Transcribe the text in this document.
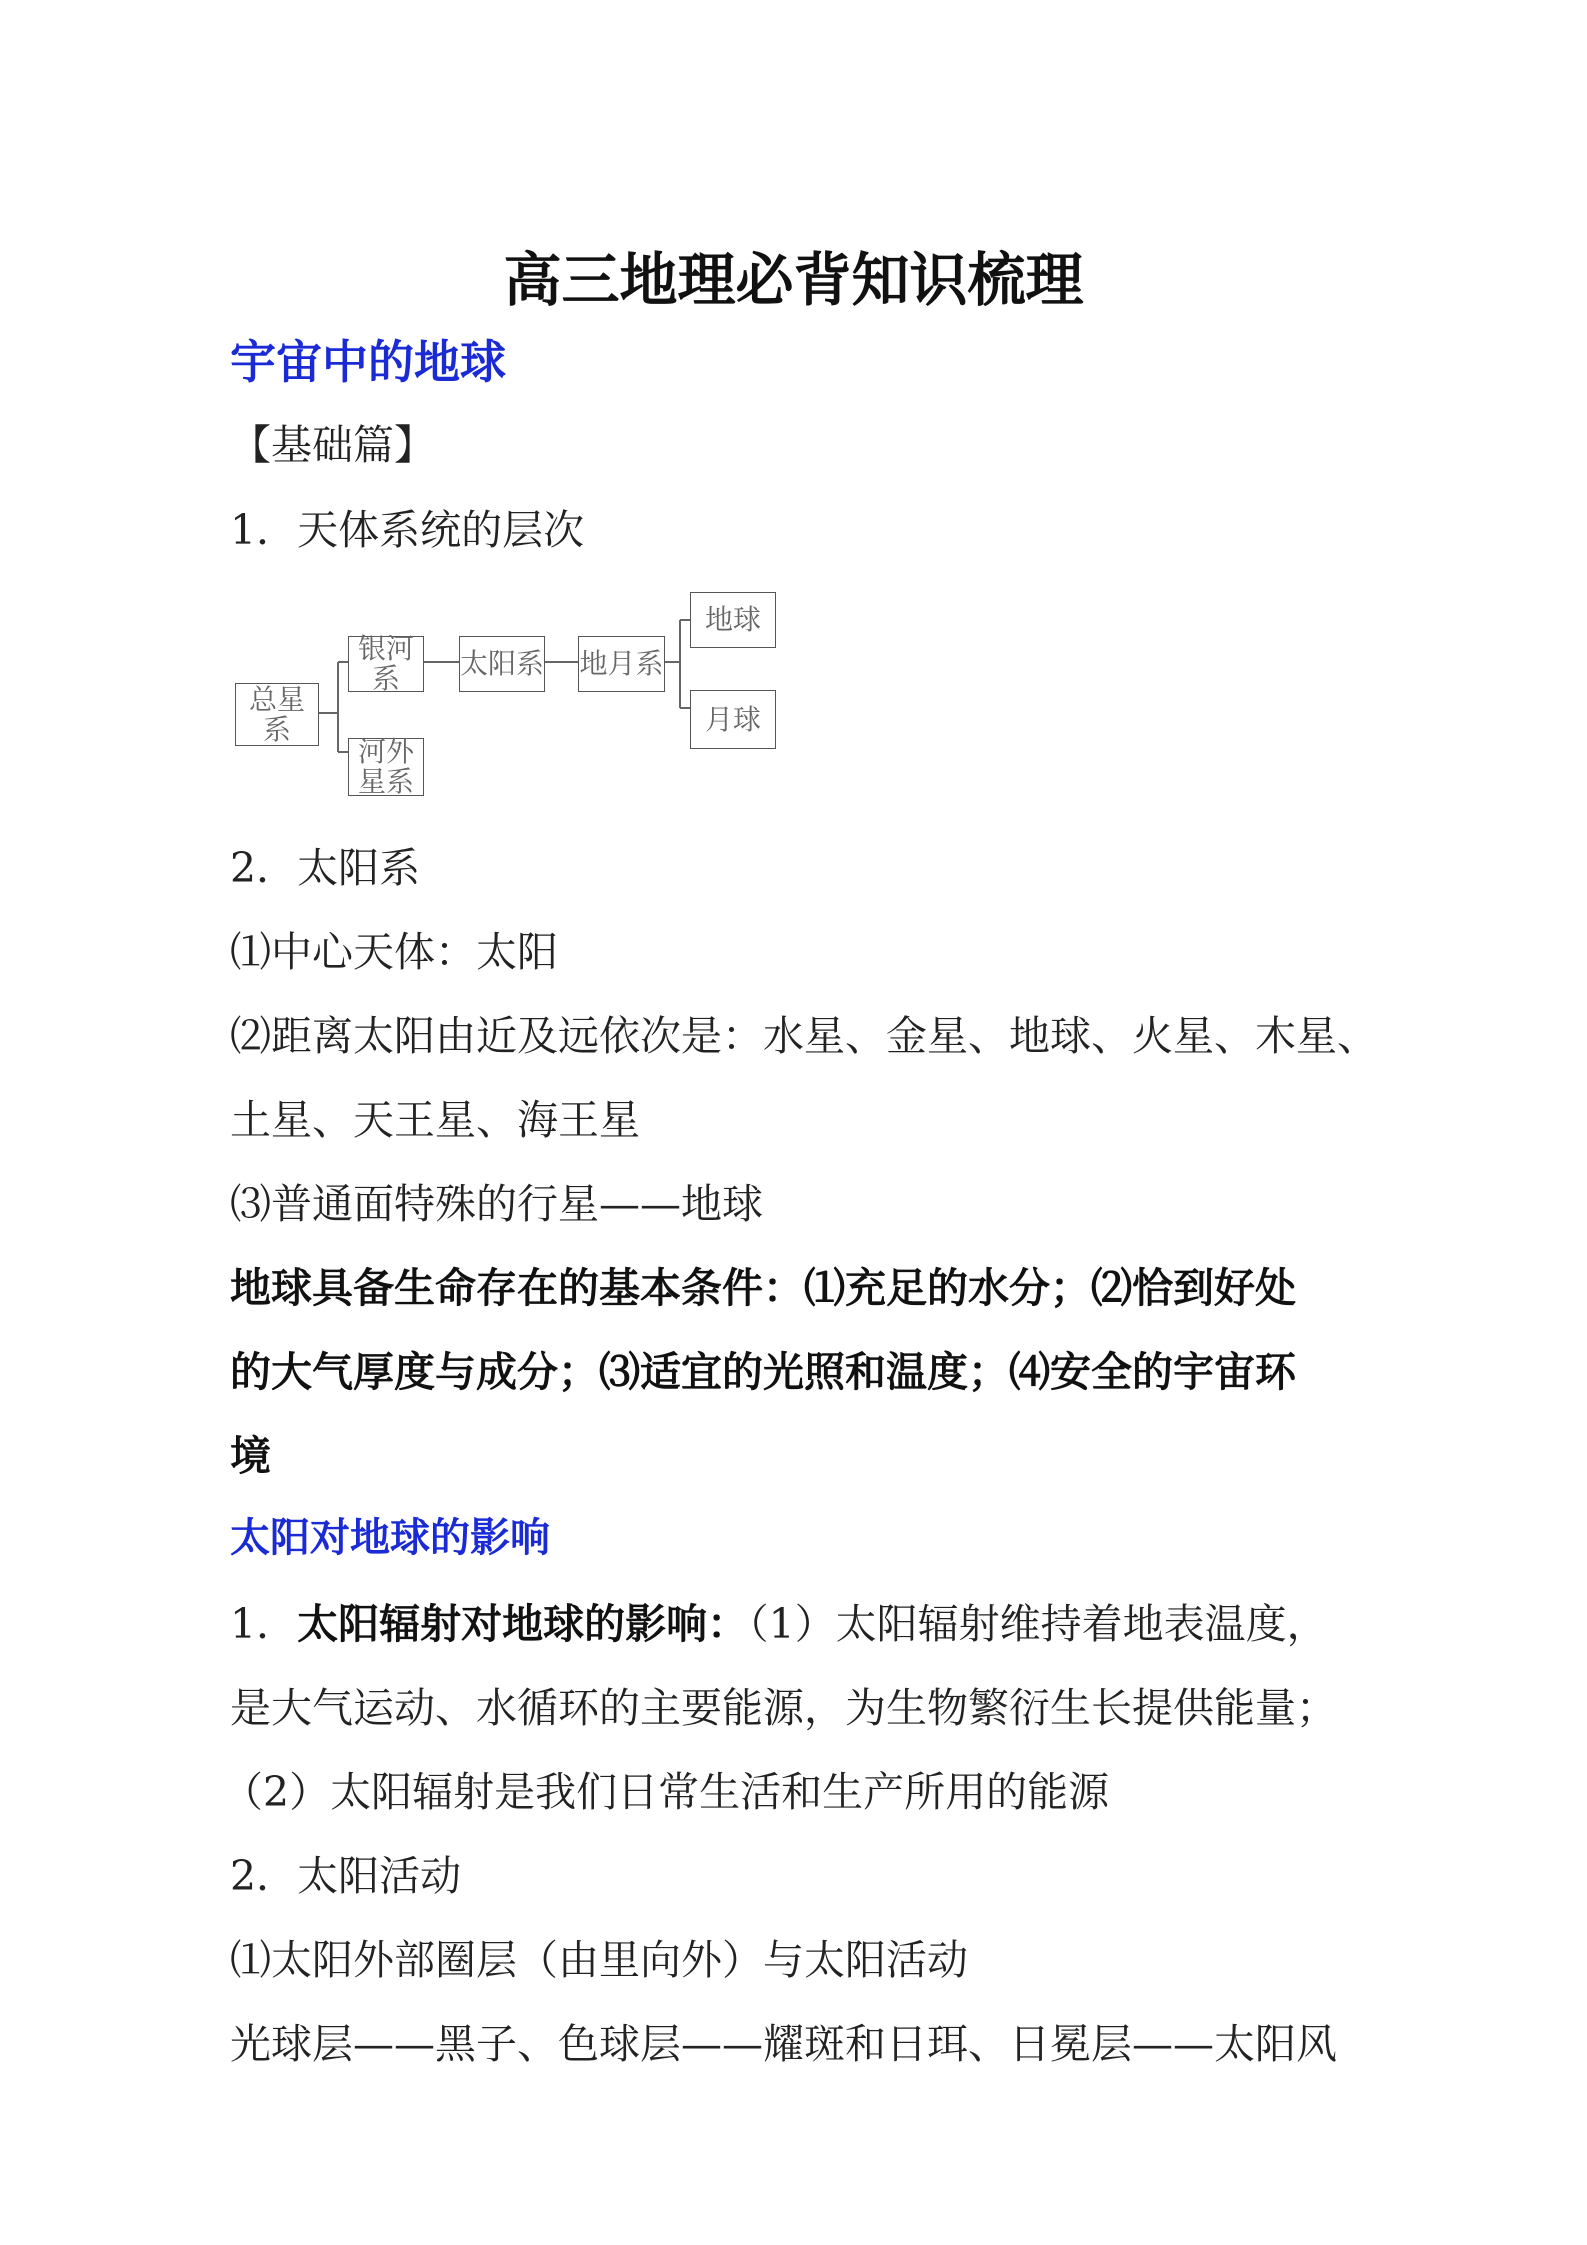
高三地理必背知识梳理
宇宙中的地球
【基础篇】
1．天体系统的层次
总星系
银河系
河外星系
太阳系 地月系
地球
月球
2．太阳系
⑴中心天体：太阳
⑵距离太阳由近及远依次是：水星、金星、地球、火星、木星、
土星、天王星、海王星
⑶普通面特殊的行星——地球
地球具备生命存在的基本条件：⑴充足的水分；⑵恰到好处
的大气厚度与成分；⑶适宜的光照和温度；⑷安全的宇宙环
境
太阳对地球的影响
1．太阳辐射对地球的影响：（1）太阳辐射维持着地表温度，
是大气运动、水循环的主要能源，为生物繁衍生长提供能量；
（2）太阳辐射是我们日常生活和生产所用的能源
2．太阳活动
⑴太阳外部圈层（由里向外）与太阳活动
光球层——黑子、色球层——耀斑和日珥、日冕层——太阳风
